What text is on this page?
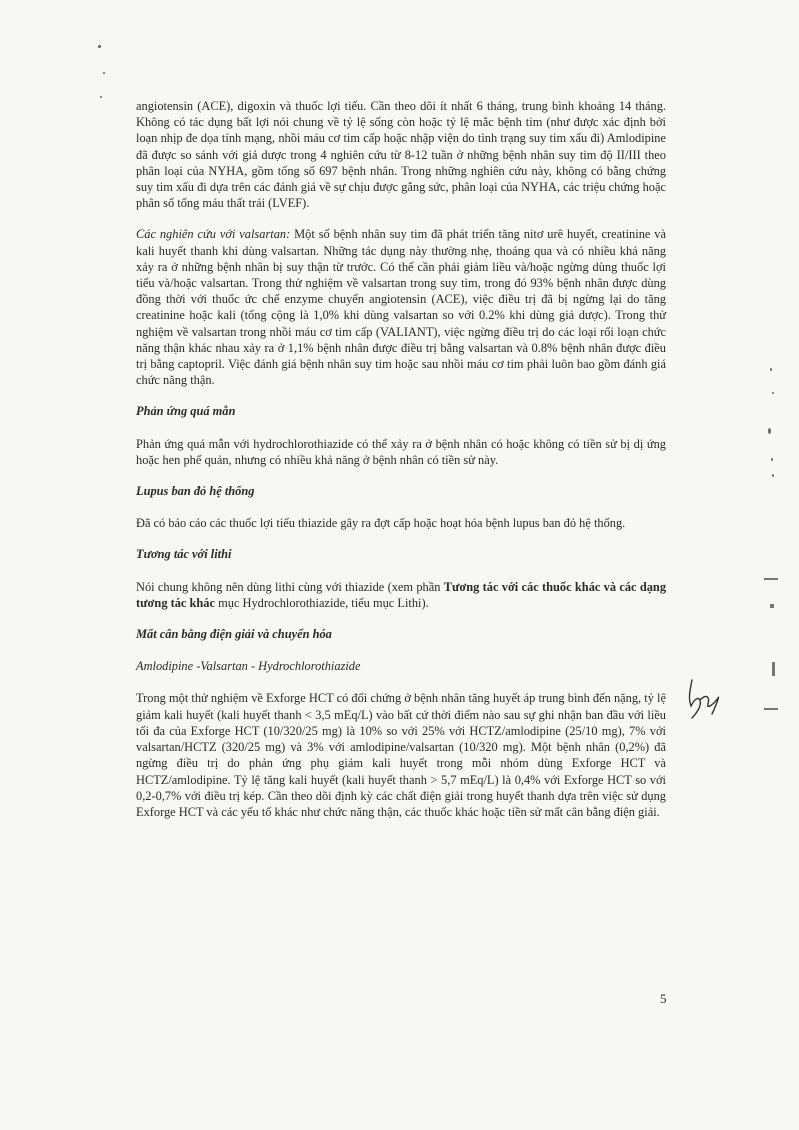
angiotensin (ACE), digoxin và thuốc lợi tiểu. Cần theo dõi ít nhất 6 tháng, trung bình khoảng 14 tháng. Không có tác dụng bất lợi nói chung về tỷ lệ sống còn hoặc tỷ lệ mắc bệnh tim (như được xác định bởi loạn nhịp đe dọa tính mạng, nhồi máu cơ tim cấp hoặc nhập viện do tình trạng suy tim xấu đi) Amlodipine đã được so sánh với giả dược trong 4 nghiên cứu từ 8-12 tuần ở những bệnh nhân suy tim độ II/III theo phân loại của NYHA, gồm tổng số 697 bệnh nhân. Trong những nghiên cứu này, không có bằng chứng suy tim xấu đi dựa trên các đánh giá về sự chịu được gắng sức, phân loại của NYHA, các triệu chứng hoặc phân số tống máu thất trái (LVEF).

Các nghiên cứu với valsartan: Một số bệnh nhân suy tim đã phát triển tăng nitơ urê huyết, creatinine và kali huyết thanh khi dùng valsartan. Những tác dụng này thường nhẹ, thoáng qua và có nhiều khả năng xảy ra ở những bệnh nhân bị suy thận từ trước. Có thể cần phải giảm liều và/hoặc ngừng dùng thuốc lợi tiểu và/hoặc valsartan. Trong thử nghiệm về valsartan trong suy tim, trong đó 93% bệnh nhân được dùng đồng thời với thuốc ức chế enzyme chuyển angiotensin (ACE), việc điều trị đã bị ngừng lại do tăng creatinine hoặc kali (tổng cộng là 1,0% khi dùng valsartan so với 0.2% khi dùng giả dược). Trong thử nghiệm về valsartan trong nhồi máu cơ tim cấp (VALIANT), việc ngừng điều trị do các loại rối loạn chức năng thận khác nhau xảy ra ở 1,1% bệnh nhân được điều trị bằng valsartan và 0.8% bệnh nhân được điều trị bằng captopril. Việc đánh giá bệnh nhân suy tim hoặc sau nhồi máu cơ tim phải luôn bao gồm đánh giá chức năng thận.

Phản ứng quá mẫn

Phản ứng quá mẫn với hydrochlorothiazide có thể xảy ra ở bệnh nhân có hoặc không có tiền sử bị dị ứng hoặc hen phế quản, nhưng có nhiều khả năng ở bệnh nhân có tiền sử này.

Lupus ban đỏ hệ thống

Đã có báo cáo các thuốc lợi tiểu thiazide gây ra đợt cấp hoặc hoạt hóa bệnh lupus ban đỏ hệ thống.

Tương tác với lithi

Nói chung không nên dùng lithi cùng với thiazide (xem phần Tương tác với các thuốc khác và các dạng tương tác khác mục Hydrochlorothiazide, tiểu mục Lithi).

Mất cân bằng điện giải và chuyển hóa

Amlodipine -Valsartan - Hydrochlorothiazide

Trong một thử nghiệm về Exforge HCT có đối chứng ở bệnh nhân tăng huyết áp trung bình đến nặng, tỷ lệ giảm kali huyết (kali huyết thanh < 3,5 mEq/L) vào bất cứ thời điểm nào sau sự ghi nhận ban đầu với liều tối đa của Exforge HCT (10/320/25 mg) là 10% so với 25% với HCTZ/amlodipine (25/10 mg), 7% với valsartan/HCTZ (320/25 mg) và 3% với amlodipine/valsartan (10/320 mg). Một bệnh nhân (0,2%) đã ngừng điều trị do phản ứng phụ giảm kali huyết trong mỗi nhóm dùng Exforge HCT và HCTZ/amlodipine. Tỷ lệ tăng kali huyết (kali huyết thanh > 5,7 mEq/L) là 0,4% với Exforge HCT so với 0,2-0,7% với điều trị kép. Cần theo dõi định kỳ các chất điện giải trong huyết thanh dựa trên việc sử dụng Exforge HCT và các yếu tố khác như chức năng thận, các thuốc khác hoặc tiền sử mất cân bằng điện giải.

5
